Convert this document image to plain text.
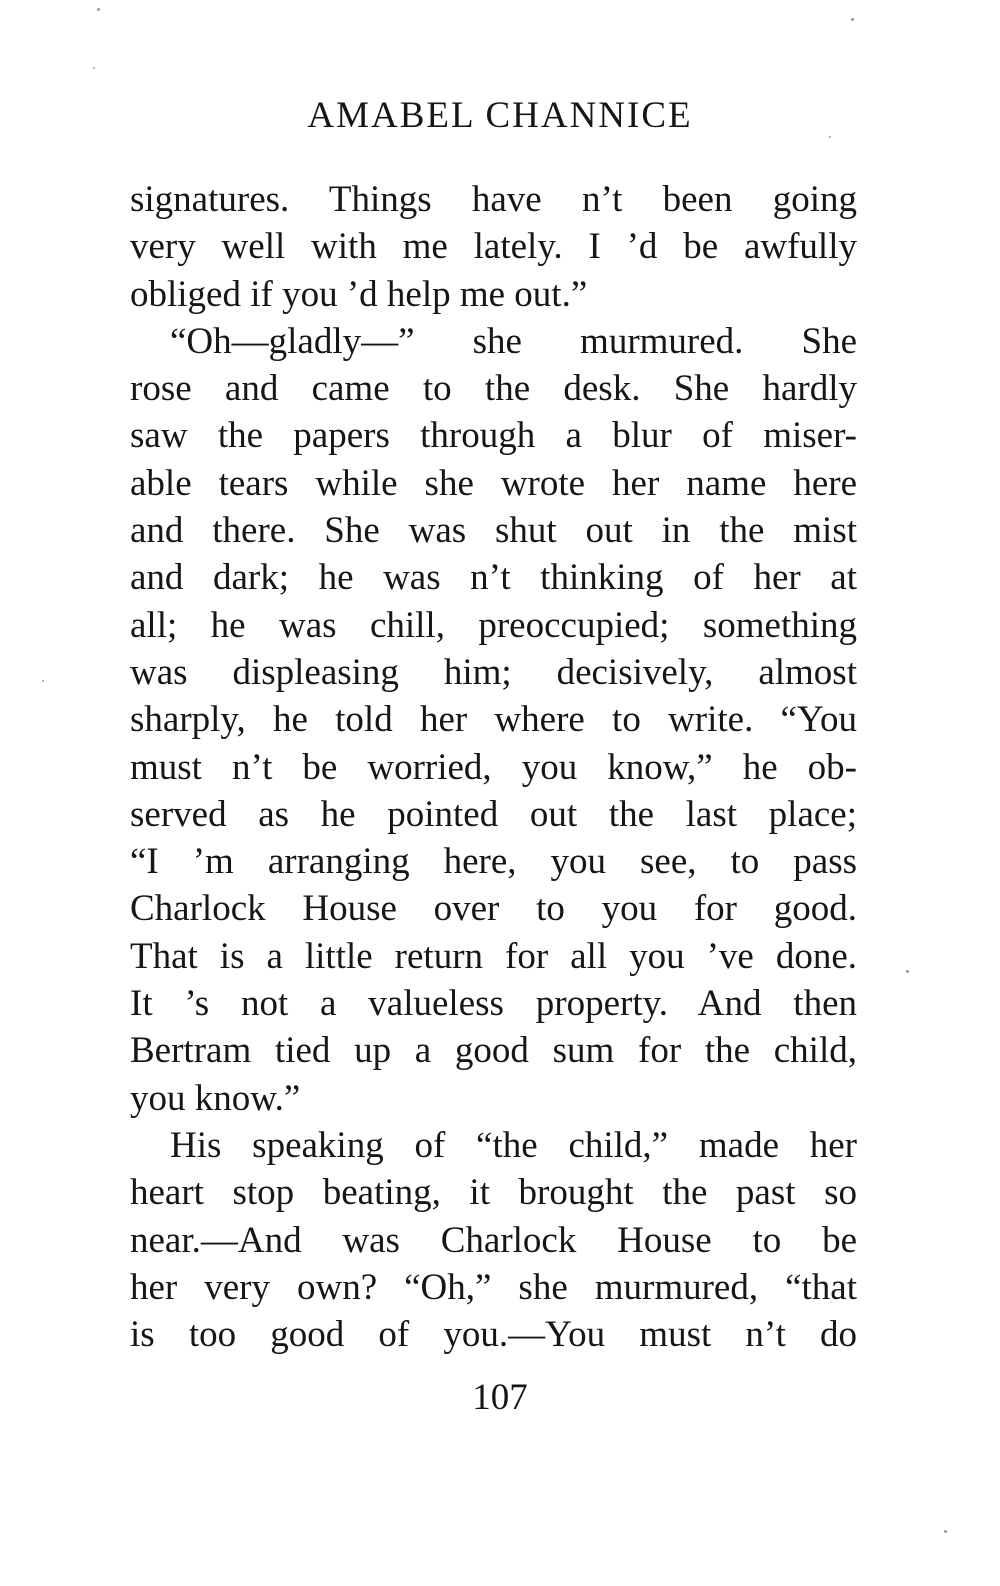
AMABEL CHANNICE
signatures. Things have n’t been going
very well with me lately. I ’d be awfully
obliged if you ’d help me out.”
“Oh—gladly—” she murmured. She
rose and came to the desk. She hardly
saw the papers through a blur of miser-
able tears while she wrote her name here
and there. She was shut out in the mist
and dark; he was n’t thinking of her at
all; he was chill, preoccupied; something
was displeasing him; decisively, almost
sharply, he told her where to write. “You
must n’t be worried, you know,” he ob-
served as he pointed out the last place;
“I ’m arranging here, you see, to pass
Charlock House over to you for good.
That is a little return for all you ’ve done.
It ’s not a valueless property. And then
Bertram tied up a good sum for the child,
you know.”
His speaking of “the child,” made her
heart stop beating, it brought the past so
near.—And was Charlock House to be
her very own? “Oh,” she murmured, “that
is too good of you.—You must n’t do
107
